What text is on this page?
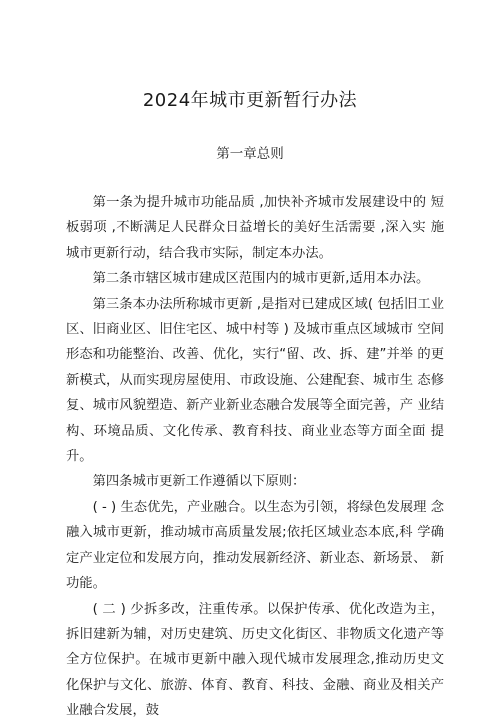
2024年城市更新暂行办法
第一章总则

第一条为提升城市功能品质 ,加快补齐城市发展建设中的 短板弱项 ,不断满足人民群众日益增长的美好生活需要 ,深入实 施城市更新行动，结合我市实际，制定本办法。

第二条市辖区城市建成区范围内的城市更新,适用本办法。

第三条本办法所称城市更新 ,是指对已建成区域( 包括旧工业区、旧商业区、旧住宅区、城中村等 ) 及城市重点区域城市 空间形态和功能整治、改善、优化，实行“留、改、拆、建”并举 的更新模式，从而实现房屋使用、市政设施、公建配套、城市生 态修复、城市风貌塑造、新产业新业态融合发展等全面完善，产 业结构、环境品质、文化传承、教育科技、商业业态等方面全面 提升。

第四条城市更新工作遵循以下原则：

( - ) 生态优先，产业融合。以生态为引领，将绿色发展理 念融入城市更新，推动城市高质量发展;依托区域业态本底,科 学确定产业定位和发展方向，推动发展新经济、新业态、新场景、 新功能。

( 二 ) 少拆多改，注重传承。以保护传承、优化改造为主， 拆旧建新为辅，对历史建筑、历史文化街区、非物质文化遗产等 全方位保护。在城市更新中融入现代城市发展理念,推动历史文 化保护与文化、旅游、体育、教育、科技、金融、商业及相关产 业融合发展，鼓
